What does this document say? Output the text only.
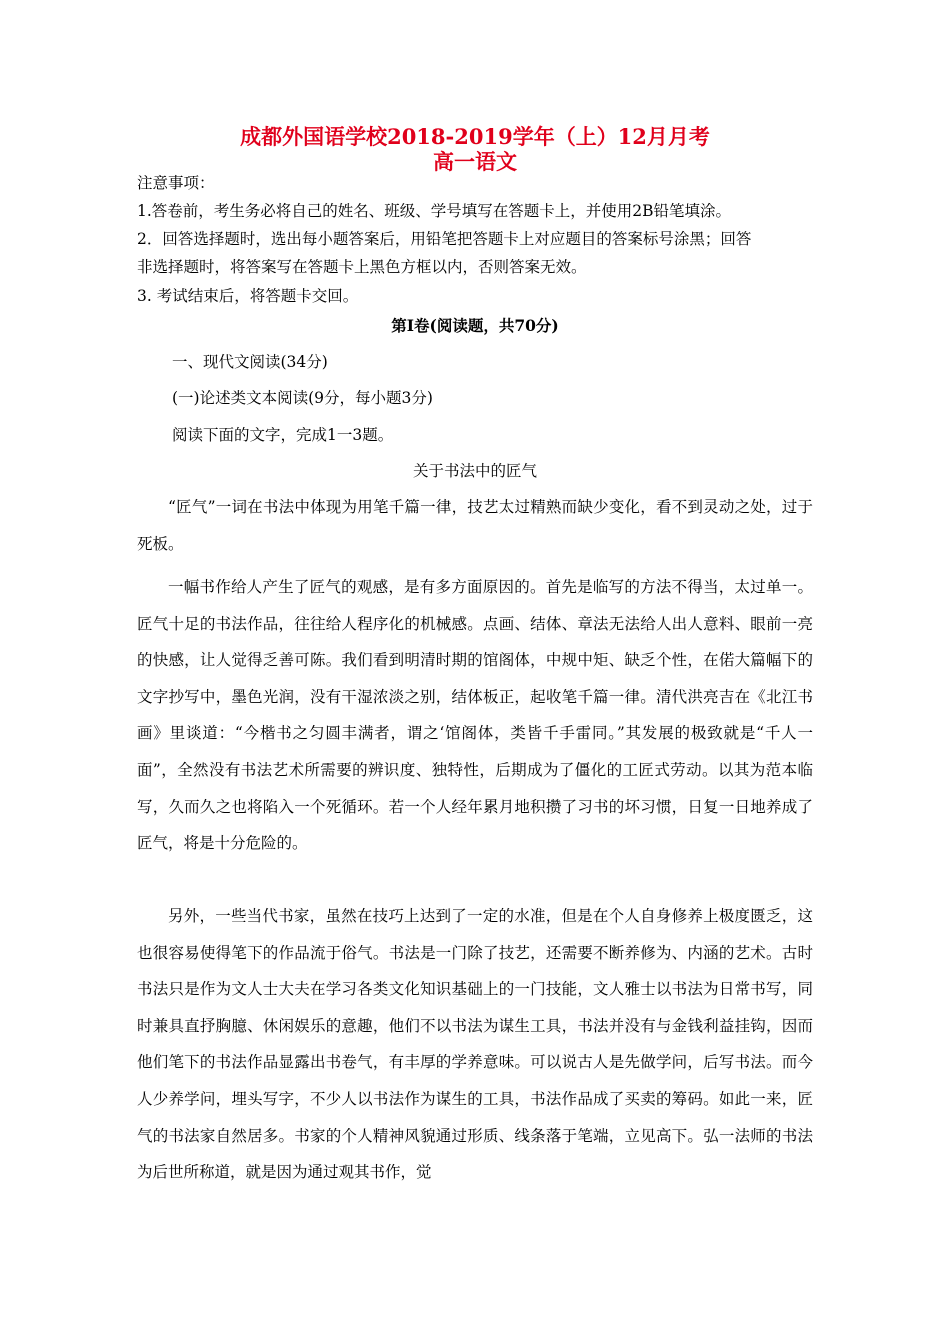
成都外国语学校2018-2019学年（上）12月月考
高一语文
注意事项：
1.答卷前，考生务必将自己的姓名、班级、学号填写在答题卡上，并使用2B铅笔填涂。
2．回答选择题时，选出每小题答案后，用铅笔把答题卡上对应题目的答案标号涂黑；回答
非选择题时，将答案写在答题卡上黑色方框以内，否则答案无效。
3. 考试结束后，将答题卡交回。
第Ⅰ卷(阅读题，共70分)
一、现代文阅读(34分)
(一)论述类文本阅读(9分，每小题3分)
阅读下面的文字，完成1一3题。
关于书法中的匠气

“匠气”一词在书法中体现为用笔千篇一律，技艺太过精熟而缺少变化，看不到灵动之处，过于死板。

一幅书作给人产生了匠气的观感，是有多方面原因的。首先是临写的方法不得当，太过单一。匠气十足的书法作品，往往给人程序化的机械感。点画、结体、章法无法给人出人意料、眼前一亮的快感，让人觉得乏善可陈。我们看到明清时期的馆阁体，中规中矩、缺乏个性，在偌大篇幅下的文字抄写中，墨色光润，没有干湿浓淡之别，结体板正，起收笔千篇一律。清代洪亮吉在《北江书画》里谈道：“今楷书之匀圆丰满者，谓之‘馆阁体，类皆千手雷同。”其发展的极致就是“千人一面”，全然没有书法艺术所需要的辨识度、独特性，后期成为了僵化的工匠式劳动。以其为范本临写，久而久之也将陷入一个死循环。若一个人经年累月地积攒了习书的坏习惯，日复一日地养成了匠气，将是十分危险的。

另外，一些当代书家，虽然在技巧上达到了一定的水准，但是在个人自身修养上极度匮乏，这也很容易使得笔下的作品流于俗气。书法是一门除了技艺，还需要不断养修为、内涵的艺术。古时书法只是作为文人士大夫在学习各类文化知识基础上的一门技能，文人雅士以书法为日常书写，同时兼具直抒胸臆、休闲娱乐的意趣，他们不以书法为谋生工具，书法并没有与金钱利益挂钩，因而他们笔下的书法作品显露出书卷气，有丰厚的学养意味。可以说古人是先做学问，后写书法。而今人少养学问，埋头写字，不少人以书法作为谋生的工具，书法作品成了买卖的筹码。如此一来，匠气的书法家自然居多。书家的个人精神风貌通过形质、线条落于笔端，立见高下。弘一法师的书法为后世所称道，就是因为通过观其书作，觉
